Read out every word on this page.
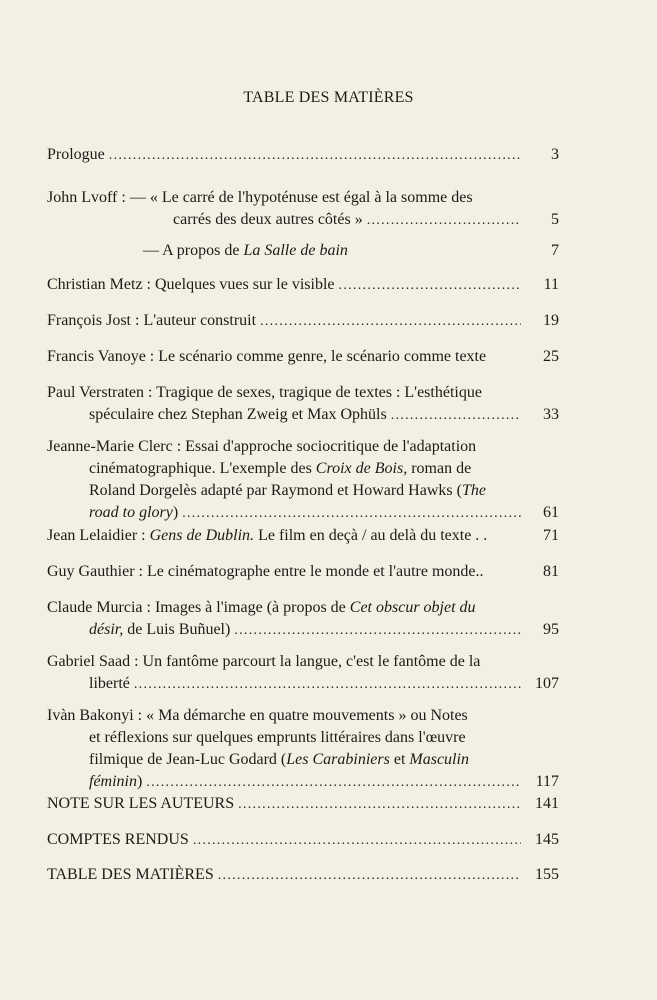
TABLE DES MATIÈRES
Prologue .....	3
John Lvoff : — « Le carré de l'hypoténuse est égal à la somme des
carrés des deux autres côtés » .....	5
— A propos de La Salle de bain	7
Christian Metz : Quelques vues sur le visible .....	11
François Jost : L'auteur construit .....	19
Francis Vanoye : Le scénario comme genre, le scénario comme texte	25
Paul Verstraten : Tragique de sexes, tragique de textes : L'esthétique
spéculaire chez Stephan Zweig et Max Ophüls .....	33
Jeanne-Marie Clerc : Essai d'approche sociocritique de l'adaptation
cinématographique. L'exemple des Croix de Bois, roman de
Roland Dorgelès adapté par Raymond et Howard Hawks (The
road to glory) .....	61
Jean Lelaidier : Gens de Dublin. Le film en deçà / au delà du texte . .	71
Guy Gauthier : Le cinématographe entre le monde et l'autre monde..	81
Claude Murcia : Images à l'image (à propos de Cet obscur objet du
désir, de Luis Buñuel) .....	95
Gabriel Saad : Un fantôme parcourt la langue, c'est le fantôme de la
liberté .....	107
Ivàn Bakonyi : « Ma démarche en quatre mouvements » ou Notes
et réflexions sur quelques emprunts littéraires dans l'œuvre
filmique de Jean-Luc Godard (Les Carabiniers et Masculin
féminin) .....	117
NOTE SUR LES AUTEURS .....	141
COMPTES RENDUS .....	145
TABLE DES MATIÈRES .....	155
